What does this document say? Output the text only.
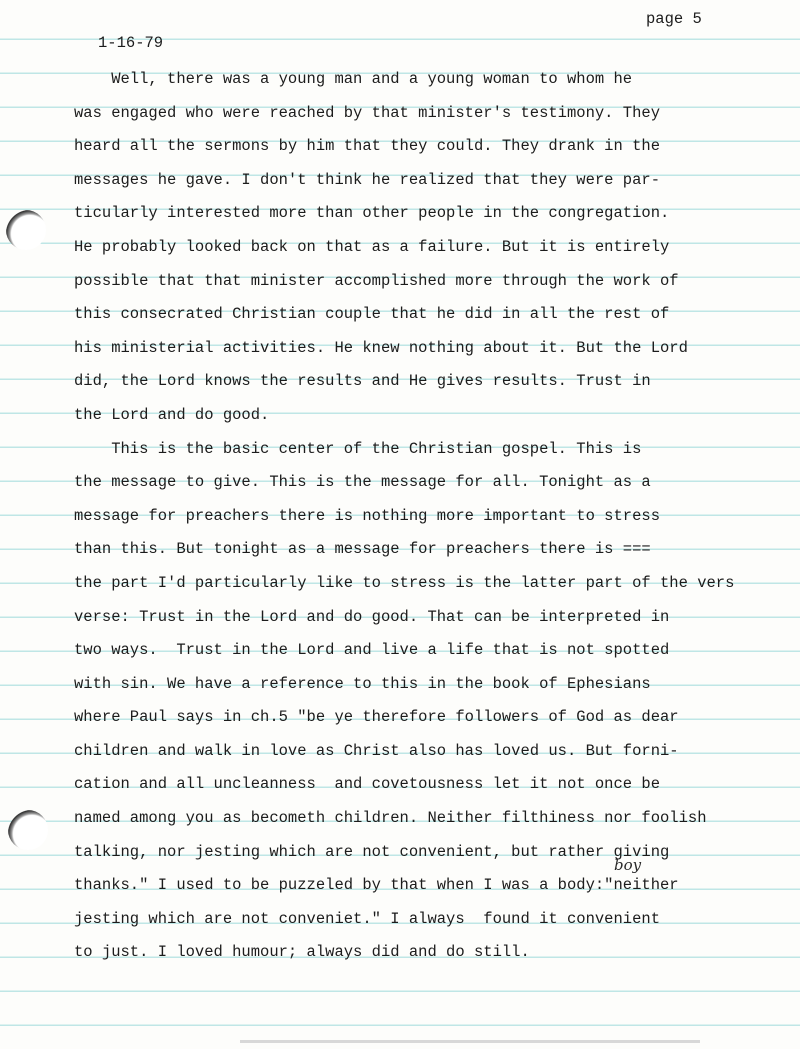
page 5
1-16-79
Well, there was a young man and a young woman to whom he
was engaged who were reached by that minister's testimony. They
heard all the sermons by him that they could. They drank in the
messages he gave. I don't think he realized that they were par-
ticularly interested more than other people in the congregation.
He probably looked back on that as a failure. But it is entirely
possible that that minister accomplished more through the work of
this consecrated Christian couple that he did in all the rest of
his ministerial activities. He knew nothing about it. But the Lord
did, the Lord knows the results and He gives results. Trust in
the Lord and do good.
This is the basic center of the Christian gospel. This is
the message to give. This is the message for all. Tonight as a
message for preachers there is nothing more important to stress
than this. But tonight as a message for preachers there is ===
the part I'd particularly like to stress is the latter part of the vers
verse: Trust in the Lord and do good. That can be interpreted in
two ways.  Trust in the Lord and live a life that is not spotted
with sin. We have a reference to this in the book of Ephesians
where Paul says in ch.5 "be ye therefore followers of God as dear
children and walk in love as Christ also has loved us. But forni-
cation and all uncleanness  and covetousness let it not once be
named among you as becometh children. Neither filthiness nor foolish
talking, nor jesting which are not convenient, but rather giving
thanks." I used to be puzzeled by that when I was a body:"neither
jesting which are not conveniet." I always  found it convenient
to just. I loved humour; always did and do still.
boy
